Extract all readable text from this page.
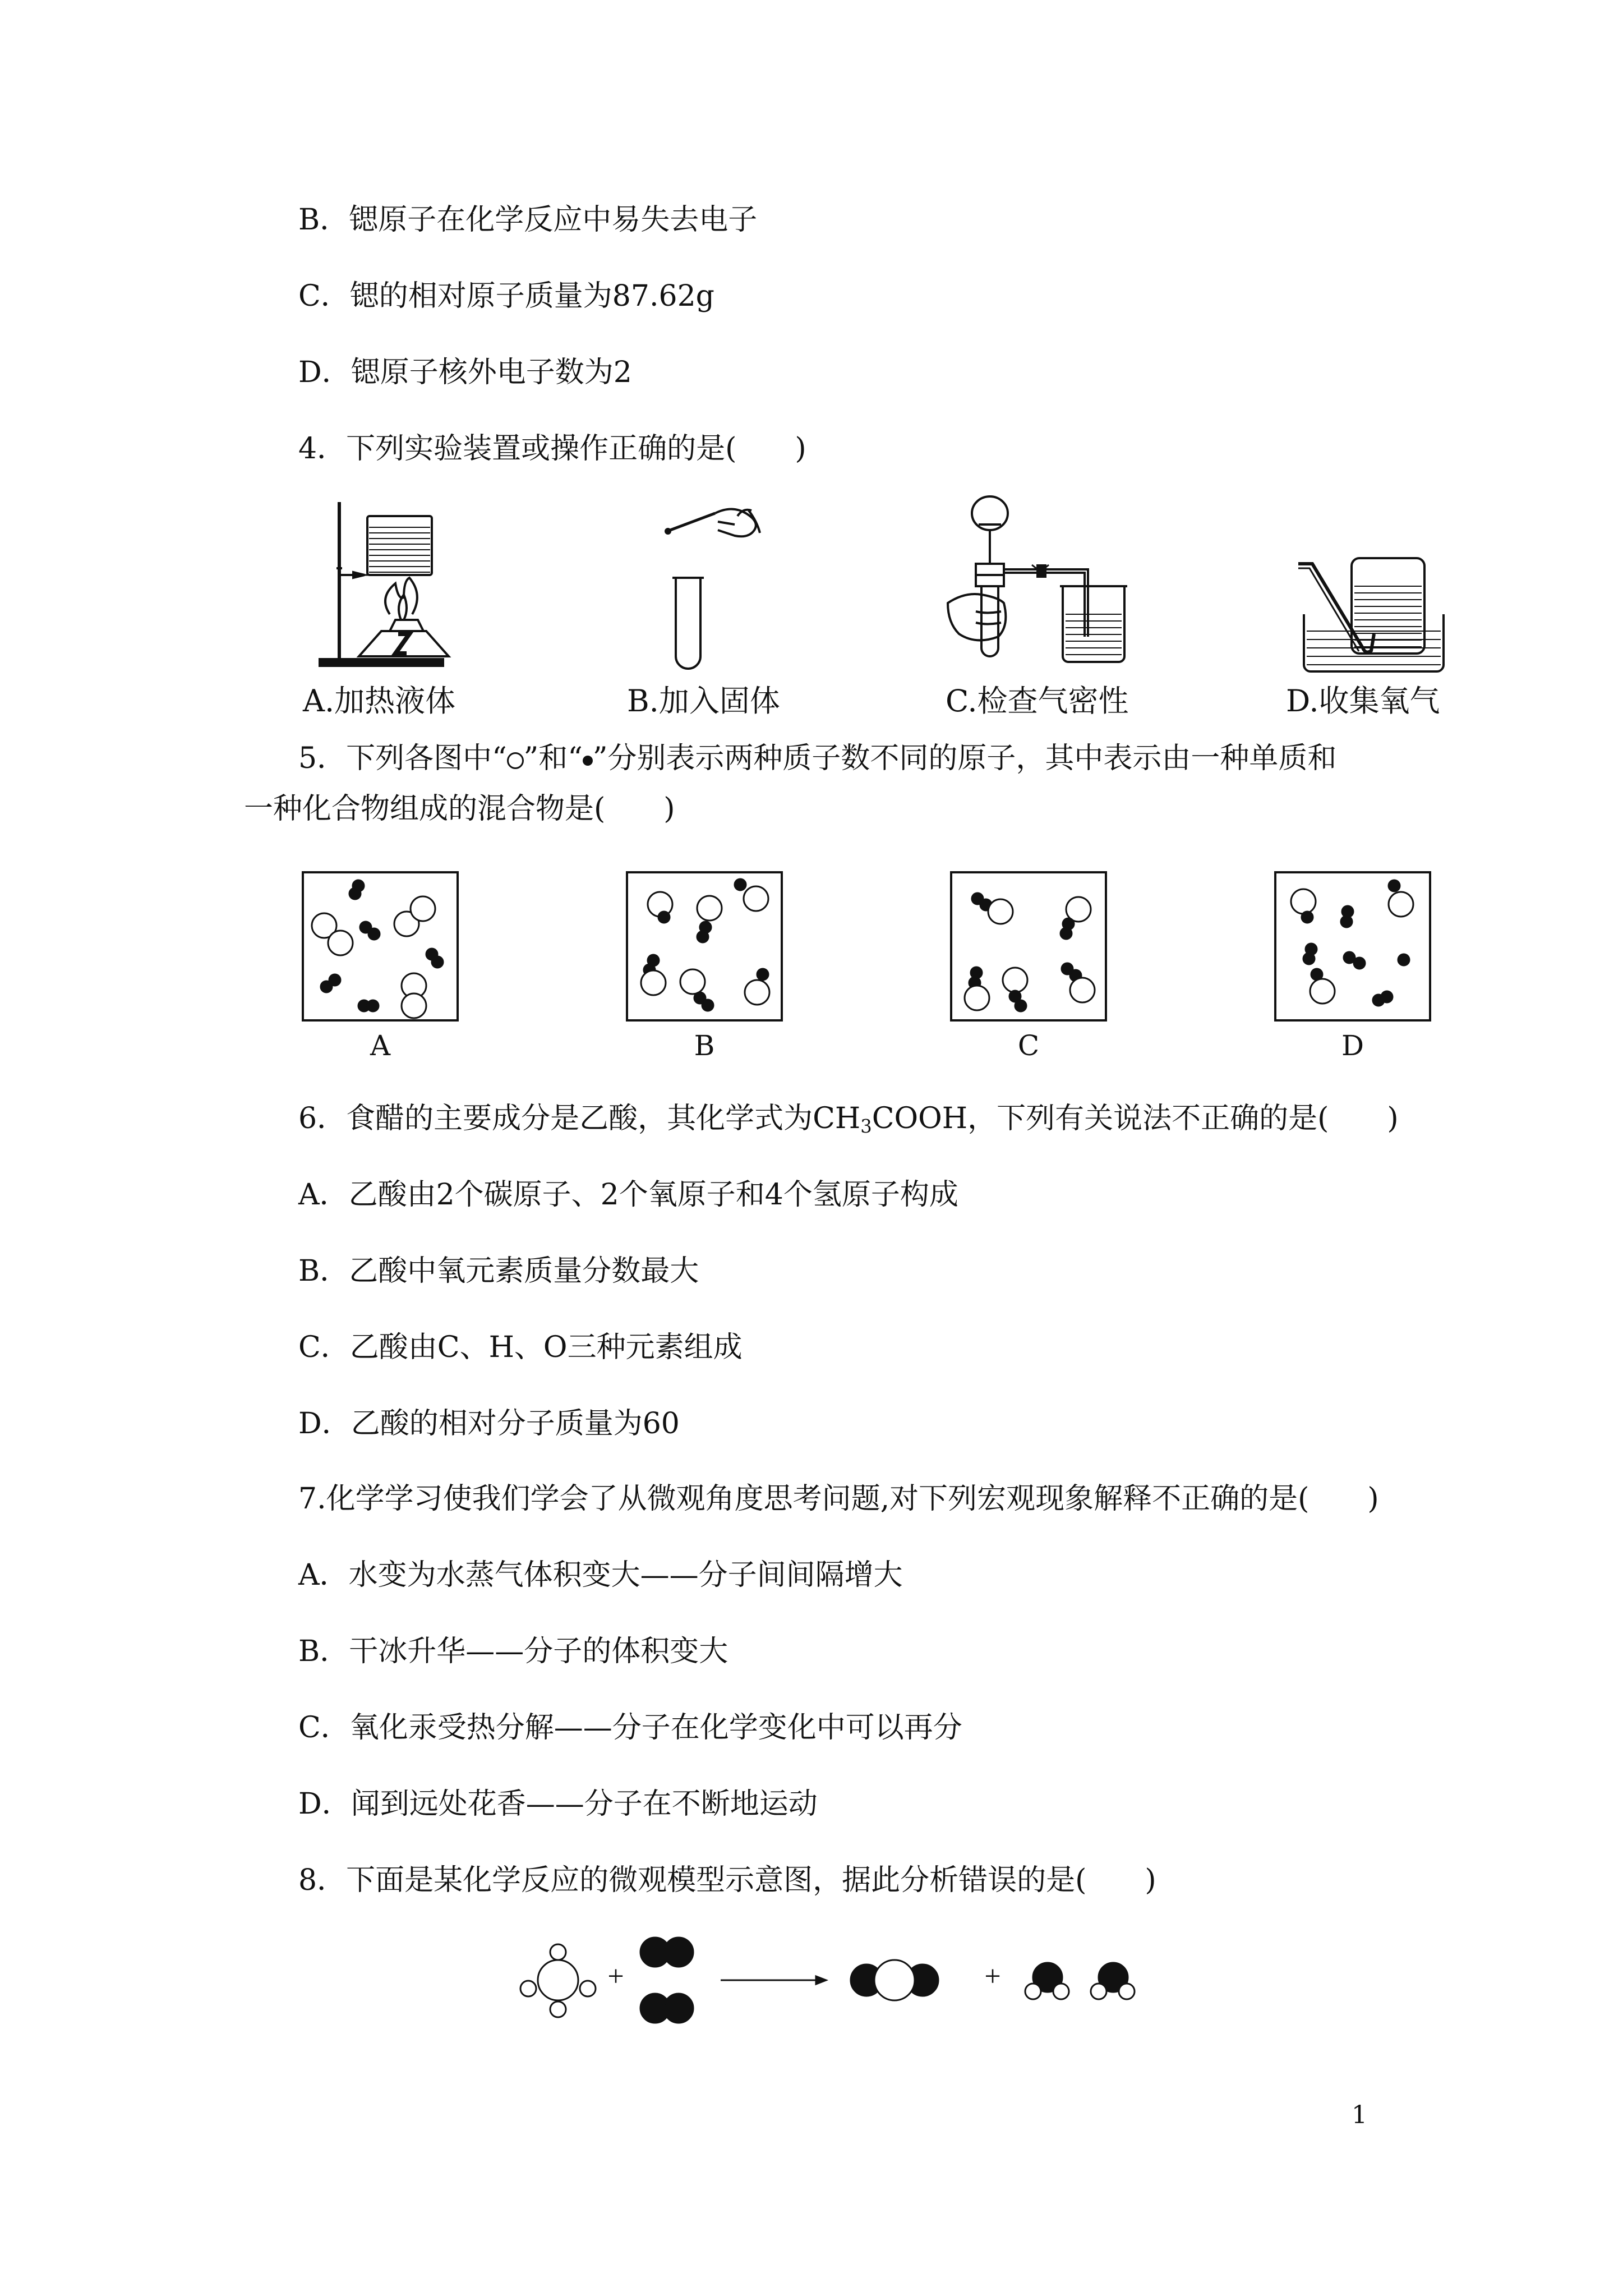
B．锶原子在化学反应中易失去电子
C．锶的相对原子质量为87.62g
D．锶原子核外电子数为2
4．下列实验装置或操作正确的是(　　)
A.加热液体	B.加入固体	C.检查气密性	D.收集氧气
5．下列各图中“ ”和“ ”分别表示两种质子数不同的原子，其中表示由一种单质和
一种化合物组成的混合物是(　　)
A	B	C	D
6．食醋的主要成分是乙酸，其化学式为$CH_3COOH$，下列有关说法不正确的是(　　)
A．乙酸由2个碳原子、2个氧原子和4个氢原子构成
B．乙酸中氧元素质量分数最大
C．乙酸由C、H、O三种元素组成
D．乙酸的相对分子质量为60
7.化学学习使我们学会了从微观角度思考问题,对下列宏观现象解释不正确的是(　　)
A．水变为水蒸气体积变大——分子间间隔增大
B．干冰升华——分子的体积变大
C．氧化汞受热分解——分子在化学变化中可以再分
D．闻到远处花香——分子在不断地运动
8．下面是某化学反应的微观模型示意图，据此分析错误的是(　　)
+	+
1
